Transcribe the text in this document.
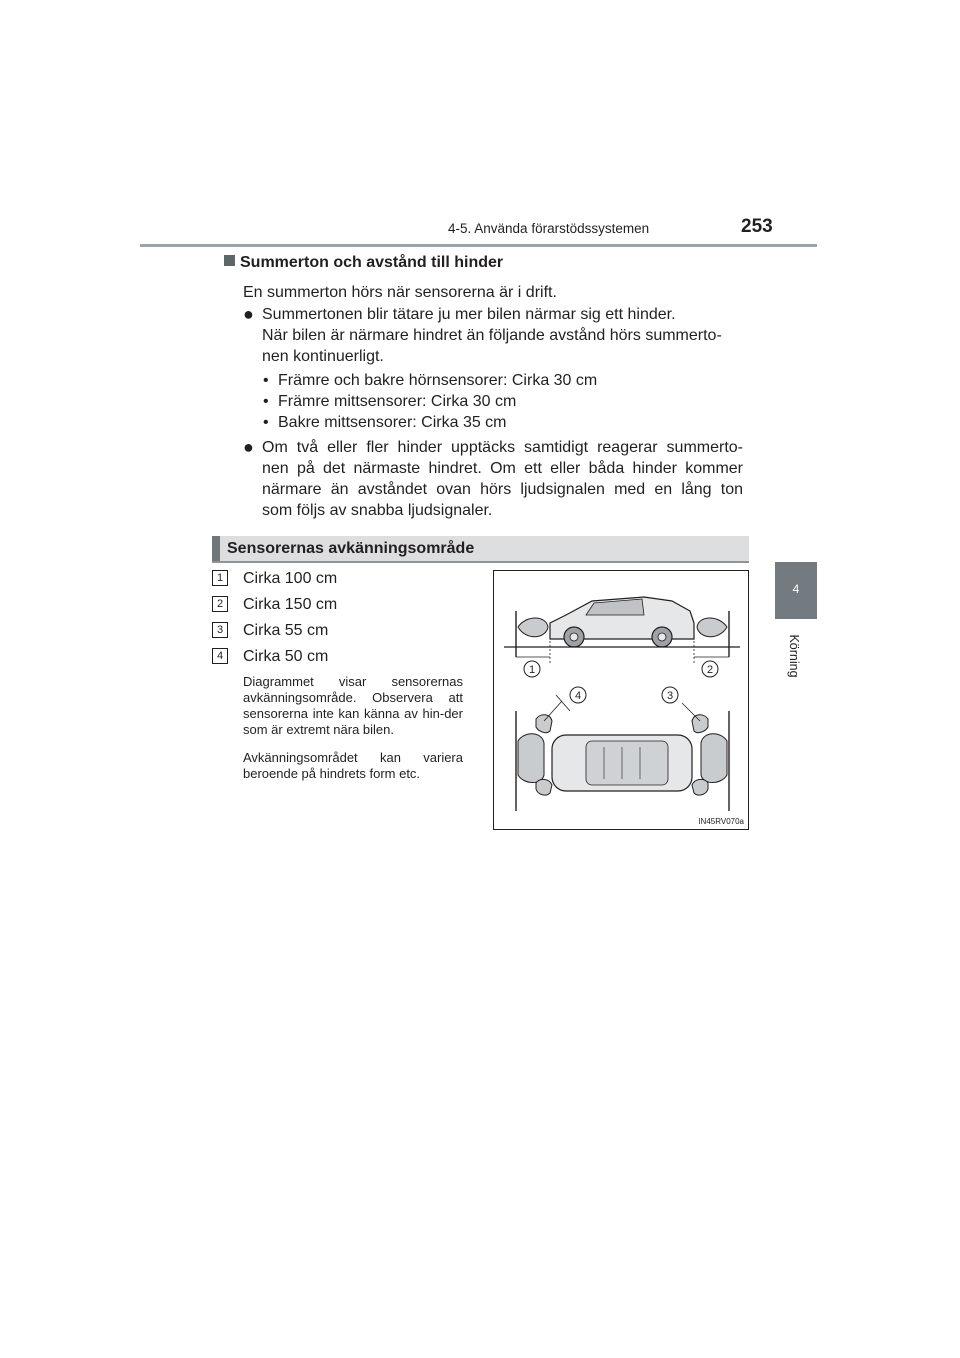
4-5. Använda förarstödssystemen	253
4
Körning
Summerton och avstånd till hinder
En summerton hörs när sensorerna är i drift.
● Summertonen blir tätare ju mer bilen närmar sig ett hinder.
När bilen är närmare hindret än följande avstånd hörs summerto-
nen kontinuerligt.
• Främre och bakre hörnsensorer: Cirka 30 cm
• Främre mittsensorer: Cirka 30 cm
• Bakre mittsensorer: Cirka 35 cm
● Om två eller fler hinder upptäcks samtidigt reagerar summerto-
nen på det närmaste hindret. Om ett eller båda hinder kommer
närmare än avståndet ovan hörs ljudsignalen med en lång ton
som följs av snabba ljudsignaler.
Sensorernas avkänningsområde
1 Cirka 100 cm
2 Cirka 150 cm
3 Cirka 55 cm
4 Cirka 50 cm
Diagrammet visar sensorernas avkänningsområde. Observera att sensorerna inte kan känna av hin-der som är extremt nära bilen.
Avkänningsområdet kan variera beroende på hindrets form etc.
1	2
4	3
IN45RV070a
